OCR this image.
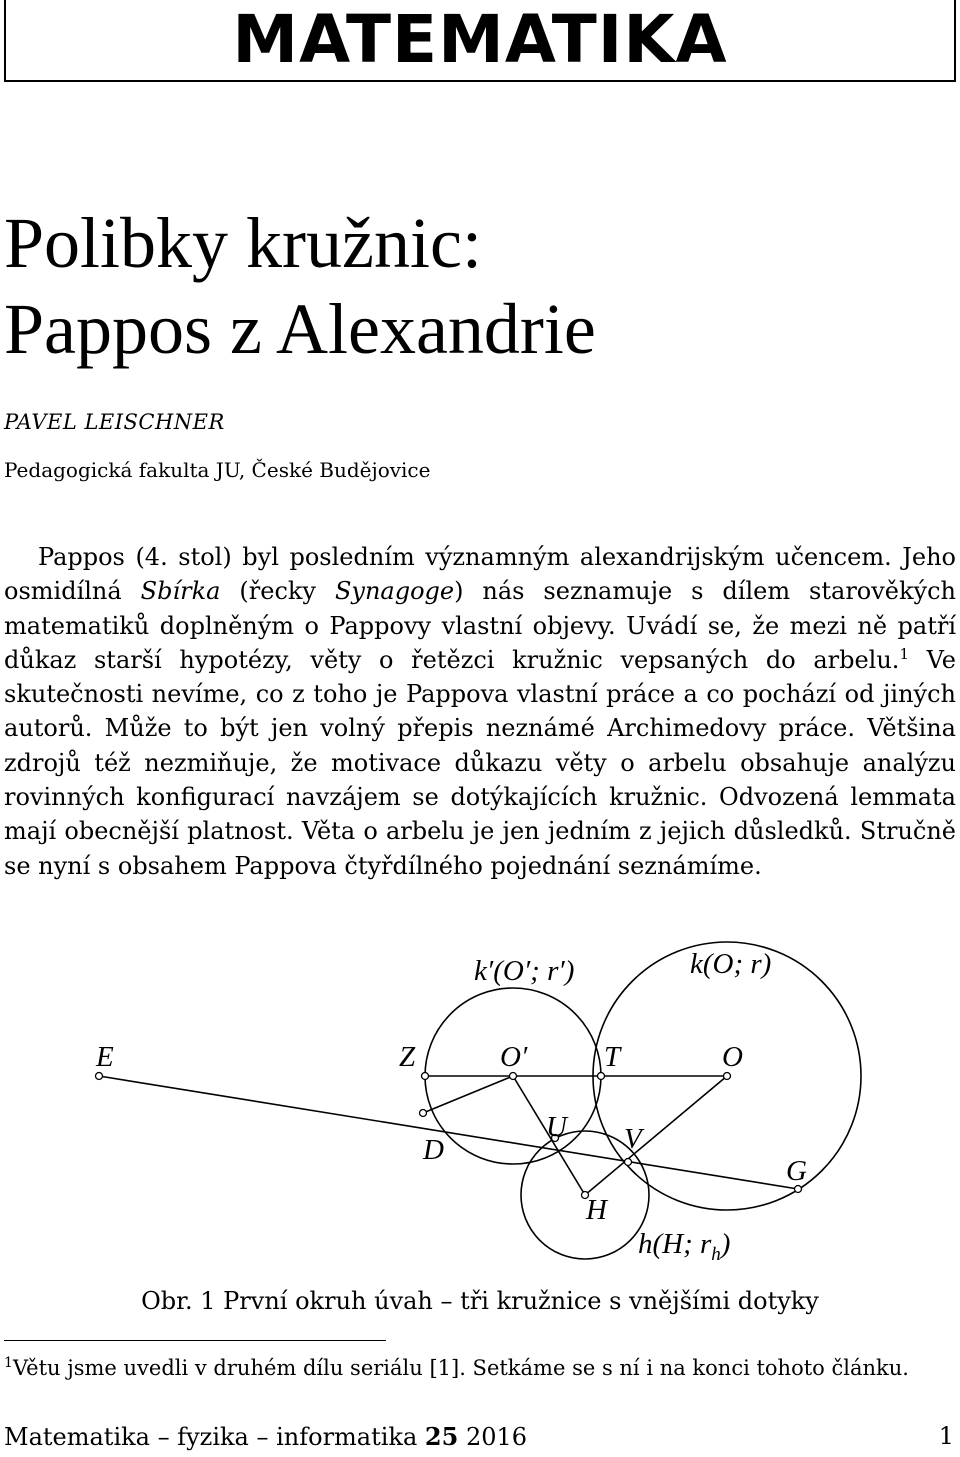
MATEMATIKA
Polibky kružnic:
Pappos z Alexandrie
PAVEL LEISCHNER
Pedagogická fakulta JU, České Budějovice

Pappos (4. stol) byl posledním významným alexandrijským učencem. Jeho osmidílná Sbírka (řecky Synagoge) nás seznamuje s dílem starověkých matematiků doplněným o Pappovy vlastní objevy. Uvádí se, že mezi ně patří důkaz starší hypotézy, věty o řetězci kružnic vepsaných do arbelu.$^1$ Ve skutečnosti nevíme, co z toho je Pappova vlastní práce a co pochází od jiných autorů. Může to být jen volný přepis neznámé Archimedovy práce. Většina zdrojů též nezmiňuje, že motivace důkazu věty o arbelu obsahuje analýzu rovinných konfigurací navzájem se dotýkajících kružnic. Odvozená lemmata mají obecnější platnost. Věta o arbelu je jen jedním z jejich důsledků. Stručně se nyní s obsahem Pappova čtyřdílného pojednání seznámíme.

k′(O′; r′)	k(O; r)
E	Z	O′	T	O
U V
D
G
H
h(H; $r_h$)
Obr. 1 První okruh úvah – tři kružnice s vnějšími dotyky
$^1$Větu jsme uvedli v druhém dílu seriálu [1]. Setkáme se s ní i na konci tohoto článku.
Matematika – fyzika – informatika 25 2016	1
